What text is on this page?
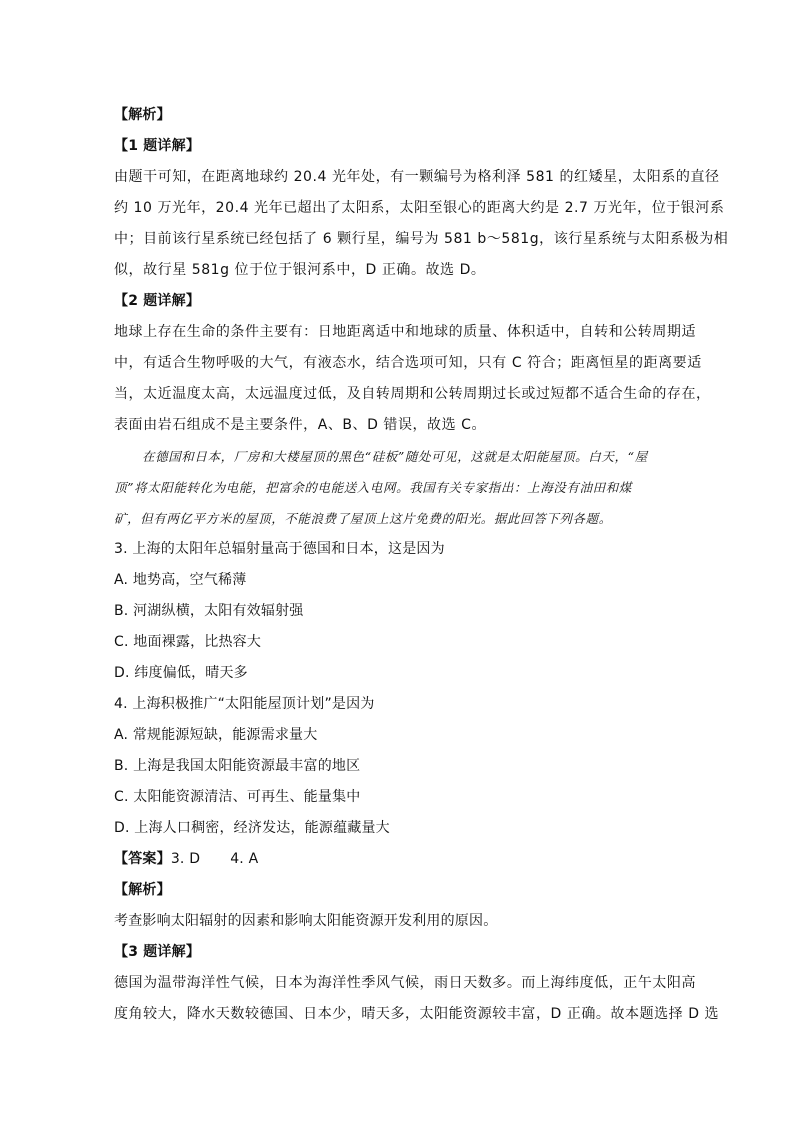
【解析】
【1 题详解】
由题干可知，在距离地球约 20.4 光年处，有一颗编号为格利泽 581 的红矮星，太阳系的直径
约 10 万光年，20.4 光年已超出了太阳系，太阳至银心的距离大约是 2.7 万光年，位于银河系
中；目前该行星系统已经包括了 6 颗行星，编号为 581 b～581g，该行星系统与太阳系极为相
似，故行星 581g 位于位于银河系中，D 正确。故选 D。
【2 题详解】
地球上存在生命的条件主要有：日地距离适中和地球的质量、体积适中，自转和公转周期适
中，有适合生物呼吸的大气，有液态水，结合选项可知，只有 C 符合；距离恒星的距离要适
当，太近温度太高，太远温度过低，及自转周期和公转周期过长或过短都不适合生命的存在，
表面由岩石组成不是主要条件，A、B、D 错误，故选 C。
在德国和日本，厂房和大楼屋顶的黑色“硅板”随处可见，这就是太阳能屋顶。白天，“屋
顶”将太阳能转化为电能，把富余的电能送入电网。我国有关专家指出：上海没有油田和煤
矿，但有两亿平方米的屋顶，不能浪费了屋顶上这片免费的阳光。据此回答下列各题。
3. 上海的太阳年总辐射量高于德国和日本，这是因为
A. 地势高，空气稀薄
B. 河湖纵横，太阳有效辐射强
C. 地面裸露，比热容大
D. 纬度偏低，晴天多
4. 上海积极推广“太阳能屋顶计划”是因为
A. 常规能源短缺，能源需求量大
B. 上海是我国太阳能资源最丰富的地区
C. 太阳能资源清洁、可再生、能量集中
D. 上海人口稠密，经济发达，能源蕴藏量大
【答案】3. D 4. A
【解析】
考查影响太阳辐射的因素和影响太阳能资源开发利用的原因。
【3 题详解】
德国为温带海洋性气候，日本为海洋性季风气候，雨日天数多。而上海纬度低，正午太阳高
度角较大，降水天数较德国、日本少，晴天多，太阳能资源较丰富，D 正确。故本题选择 D 选
